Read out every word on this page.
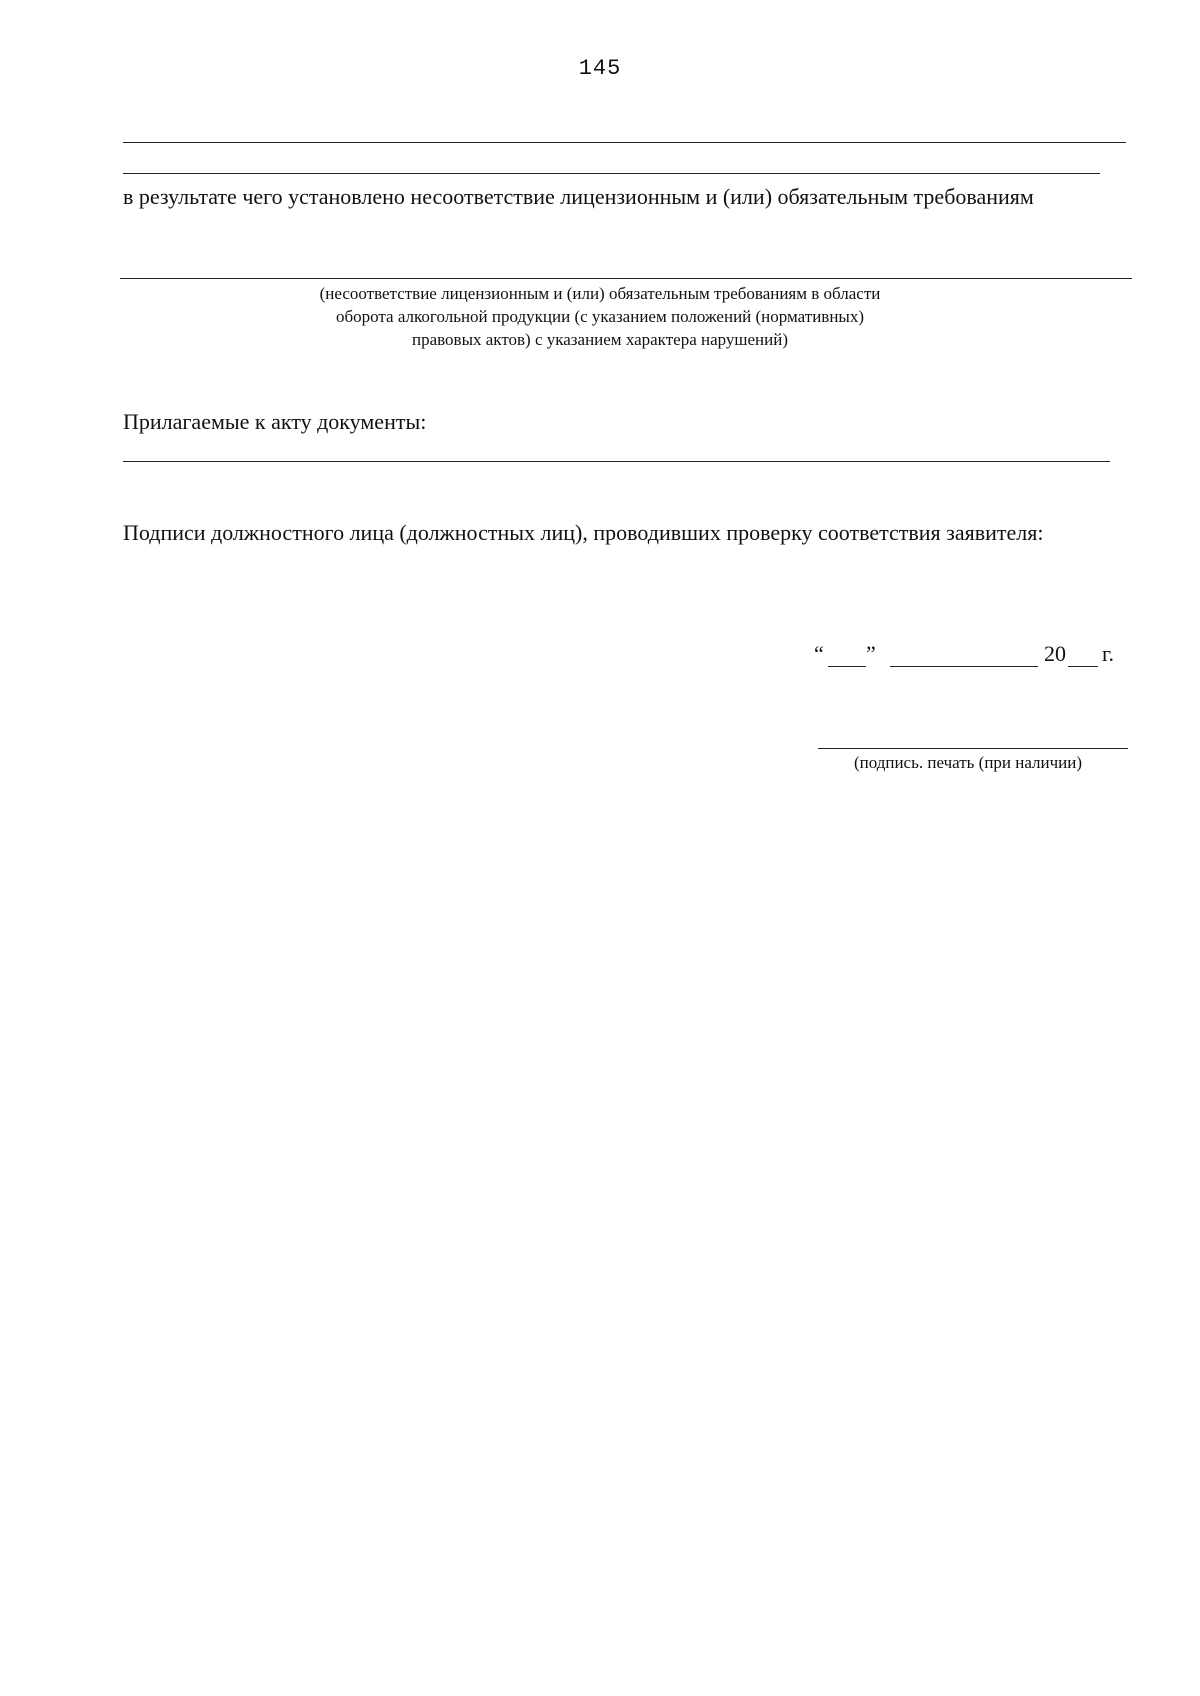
145
в результате чего установлено несоответствие лицензионным и (или) обязательным требованиям
(несоответствие лицензионным и (или) обязательным требованиям в области
оборота алкогольной продукции (с указанием положений (нормативных)
правовых актов) с указанием характера нарушений)
Прилагаемые к акту документы:
Подписи должностного лица (должностных лиц), проводивших проверку соответствия заявителя:
“ ”	20 г.
(подпись. печать (при наличии)
